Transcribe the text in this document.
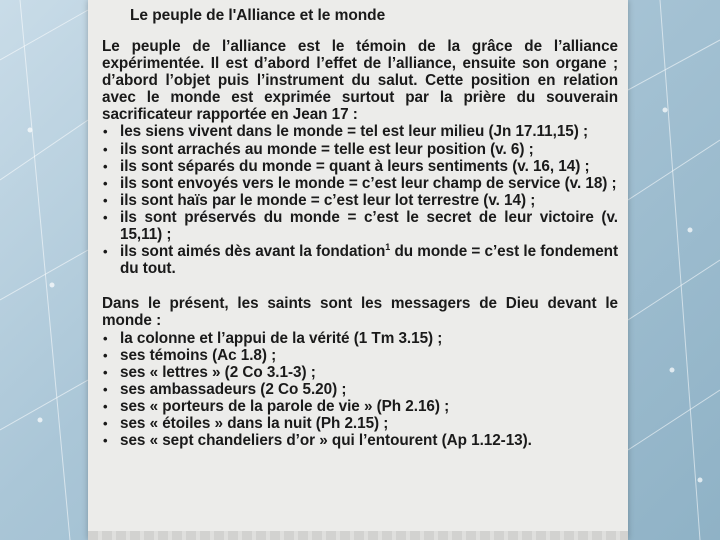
Le peuple de l'Alliance et le monde

Le peuple de l’alliance est le témoin de la grâce de l’alliance expérimentée. Il est d’abord l’effet de l’alliance, ensuite son organe ; d’abord l’objet puis l’instrument du salut. Cette position en relation avec le monde est exprimée surtout par la prière du souverain sacrificateur rapportée en Jean 17 :

• les siens vivent dans le monde = tel est leur milieu (Jn 17.11,15) ;
• ils sont arrachés au monde = telle est leur position (v. 6) ;
• ils sont séparés du monde = quant à leurs sentiments (v. 16, 14) ;
• ils sont envoyés vers le monde = c’est leur champ de service (v. 18) ;
• ils sont haïs par le monde = c’est leur lot terrestre (v. 14) ;
• ils sont préservés du monde = c’est le secret de leur victoire (v. 15,11) ;
• ils sont aimés dès avant la fondation$^1$ du monde = c’est le fondement du tout.

Dans le présent, les saints sont les messagers de Dieu devant le monde :

• la colonne et l’appui de la vérité (1 Tm 3.15) ;
• ses témoins (Ac 1.8) ;
• ses « lettres » (2 Co 3.1-3) ;
• ses ambassadeurs (2 Co 5.20) ;
• ses « porteurs de la parole de vie » (Ph 2.16) ;
• ses « étoiles » dans la nuit (Ph 2.15) ;
• ses « sept chandeliers d’or » qui l’entourent (Ap 1.12-13).
